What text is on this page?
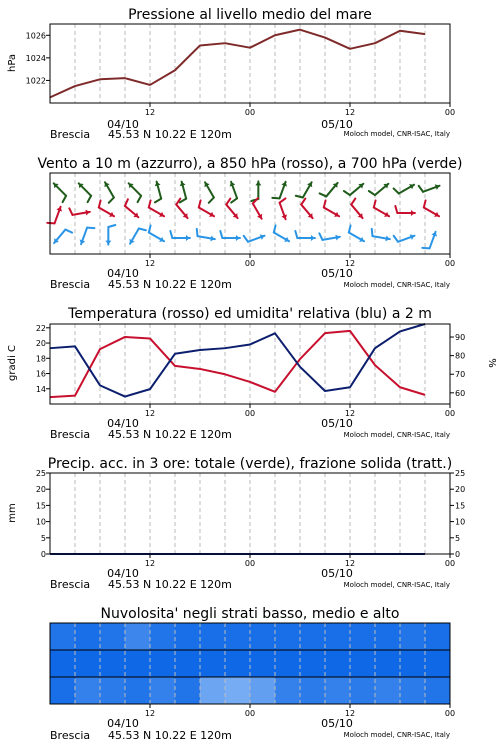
Pressione al livello medio del mare
hPa
1022
1024
1026
12	00	12	00
04/10	05/10
Brescia 45.53 N 10.22 E 120m	Moloch model, CNR-ISAC, Italy
Vento a 10 m (azzurro), a 850 hPa (rosso), a 700 hPa (verde)
12	00	12	00
04/10	05/10
Brescia 45.53 N 10.22 E 120m	Moloch model, CNR-ISAC, Italy
Temperatura (rosso) ed umidita' relativa (blu) a 2 m
gradi C	%
14
16
18
20
22
60
70
80
90
12	00	12	00
04/10	05/10
Brescia 45.53 N 10.22 E 120m	Moloch model, CNR-ISAC, Italy
Precip. acc. in 3 ore: totale (verde), frazione solida (tratt.)
mm
0
5
10
15
20
25
0
5
10
15
20
25
12	00	12	00
04/10	05/10
Brescia 45.53 N 10.22 E 120m	Moloch model, CNR-ISAC, Italy
Nuvolosita' negli strati basso, medio e alto
12	00	12	00
04/10	05/10
Brescia 45.53 N 10.22 E 120m	Moloch model, CNR-ISAC, Italy
